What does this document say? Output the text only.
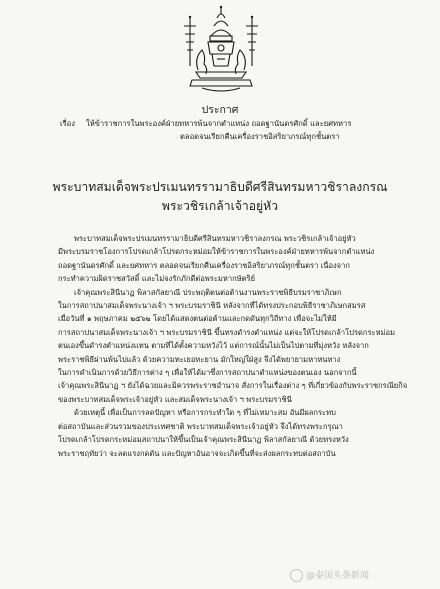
ประกาศ
เรื่อง ให้ข้าราชการในพระองค์ฝ่ายทหารพ้นจากตำแหน่ง ถอดฐานันดรศักดิ์ และยศทหาร
ตลอดจนเรียกคืนเครื่องราชอิสริยาภรณ์ทุกชั้นตรา
พระบาทสมเด็จพระปรเมนทรรามาธิบดีศรีสินทรมหาวชิราลงกรณ
พระวชิรเกล้าเจ้าอยู่หัว

พระบาทสมเด็จพระปรเมนทรรามาธิบดีศรีสินทรมหาวชิราลงกรณ พระวชิรเกล้าเจ้าอยู่หัว
มีพระบรมราชโองการโปรดเกล้าโปรดกระหม่อมให้ข้าราชการในพระองค์ฝ่ายทหารพ้นจากตำแหน่ง
ถอดฐานันดรศักดิ์ และยศทหาร ตลอดจนเรียกคืนเครื่องราชอิสริยาภรณ์ทุกชั้นตรา เนื่องจาก
กระทำความผิดราชสวัสดิ์ และไม่จงรักภักดีต่อพระมหากษัตริย์

เจ้าคุณพระสินีนาฏ พิลาสกัลยาณี ประพฤติตนต่อต้านงานพระราชพิธีบรมราชาภิเษก
ในการสถาปนาสมเด็จพระนางเจ้า ฯ พระบรมราชินี หลังจากที่ได้ทรงประกอบพิธีราชาภิเษกสมรส
เมื่อวันที่ ๑ พฤษภาคม ๒๕๖๒ โดยได้แสดงตนต่อต้านและกดดันทุกวิถีทาง เพื่อจะไม่ให้มี
การสถาปนาสมเด็จพระนางเจ้า ฯ พระบรมราชินี ขึ้นทรงดำรงตำแหน่ง แต่จะให้โปรดเกล้าโปรดกระหม่อม
ตนเองขึ้นดำรงตำแหน่งแทน ตามที่ได้ตั้งความหวังไว้ แต่การณ์นั้นไม่เป็นไปตามที่มุ่งหวัง หลังจาก
พระราชพิธีผ่านพ้นไปแล้ว ด้วยความทะเยอทะยาน มักใหญ่ใฝ่สูง จึงได้พยายามหาหนทาง
ในการดำเนินการด้วยวิธีการต่าง ๆ เพื่อให้ได้มาซึ่งการสถาปนาตำแหน่งของตนเอง นอกจากนี้
เจ้าคุณพระสินีนาฏ ฯ ยังได้ฉวยและมิควรพระราชอำนาจ สั่งการในเรื่องต่าง ๆ ที่เกี่ยวข้องกับพระราชกรณียกิจ
ของพระบาทสมเด็จพระเจ้าอยู่หัว และสมเด็จพระนางเจ้า ฯ พระบรมราชินี

ด้วยเหตุนี้ เพื่อเป็นการลดปัญหา หรือการกระทำใด ๆ ที่ไม่เหมาะสม อันมีผลกระทบ
ต่อสถาบันและส่วนรวมของประเทศชาติ พระบาทสมเด็จพระเจ้าอยู่หัว จึงได้ทรงพระกรุณา
โปรดเกล้าโปรดกระหม่อมสถาปนาให้ขึ้นเป็นเจ้าคุณพระสินีนาฏ พิลาสกัลยาณี ด้วยทรงหวัง
พระราชฤทัยว่า จะลดแรงกดดัน และปัญหาอันอาจจะเกิดขึ้นที่จะส่งผลกระทบต่อสถาบัน

@泰国头条新闻
